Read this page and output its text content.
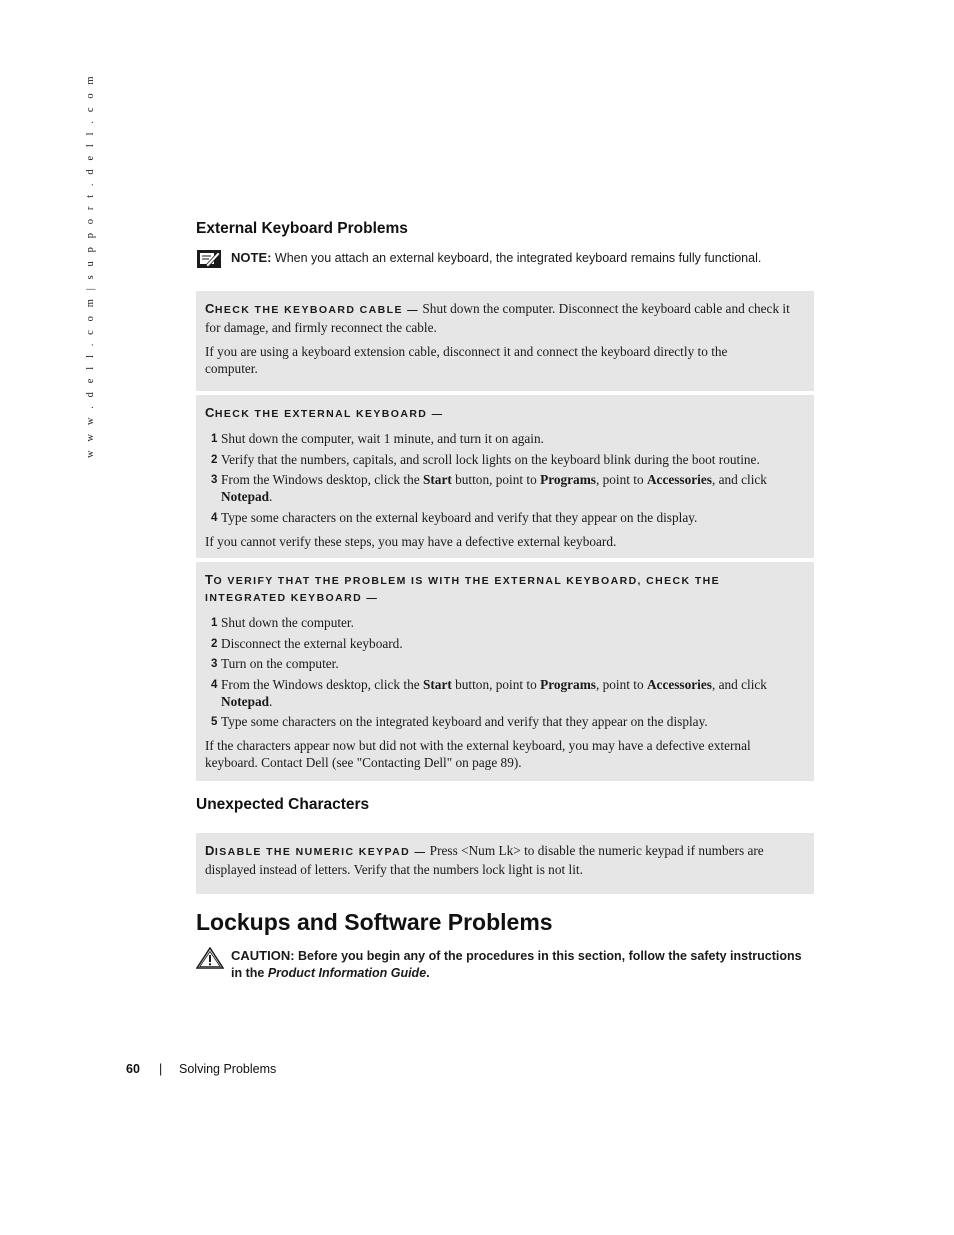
w w w . d e l l . c o m | s u p p o r t . d e l l . c o m	External Keyboard Problems
NOTE: When you attach an external keyboard, the integrated keyboard remains fully functional.

CHECK THE KEYBOARD CABLE — Shut down the computer. Disconnect the keyboard cable and check it for damage, and firmly reconnect the cable.

If you are using a keyboard extension cable, disconnect it and connect the keyboard directly to the computer.

CHECK THE EXTERNAL KEYBOARD —

1 Shut down the computer, wait 1 minute, and turn it on again.
2 Verify that the numbers, capitals, and scroll lock lights on the keyboard blink during the boot routine.
3 From the Windows desktop, click the Start button, point to Programs, point to Accessories, and click Notepad.
4 Type some characters on the external keyboard and verify that they appear on the display.

If you cannot verify these steps, you may have a defective external keyboard.

TO VERIFY THAT THE PROBLEM IS WITH THE EXTERNAL KEYBOARD, CHECK THE INTEGRATED KEYBOARD —

1 Shut down the computer.
2 Disconnect the external keyboard.
3 Turn on the computer.
4 From the Windows desktop, click the Start button, point to Programs, point to Accessories, and click Notepad.
5 Type some characters on the integrated keyboard and verify that they appear on the display.

If the characters appear now but did not with the external keyboard, you may have a defective external keyboard. Contact Dell (see "Contacting Dell" on page 89).

Unexpected Characters

DISABLE THE NUMERIC KEYPAD — Press <Num Lk> to disable the numeric keypad if numbers are displayed instead of letters. Verify that the numbers lock light is not lit.

Lockups and Software Problems
CAUTION: Before you begin any of the procedures in this section, follow the safety instructions in the Product Information Guide.
60 | Solving Problems
